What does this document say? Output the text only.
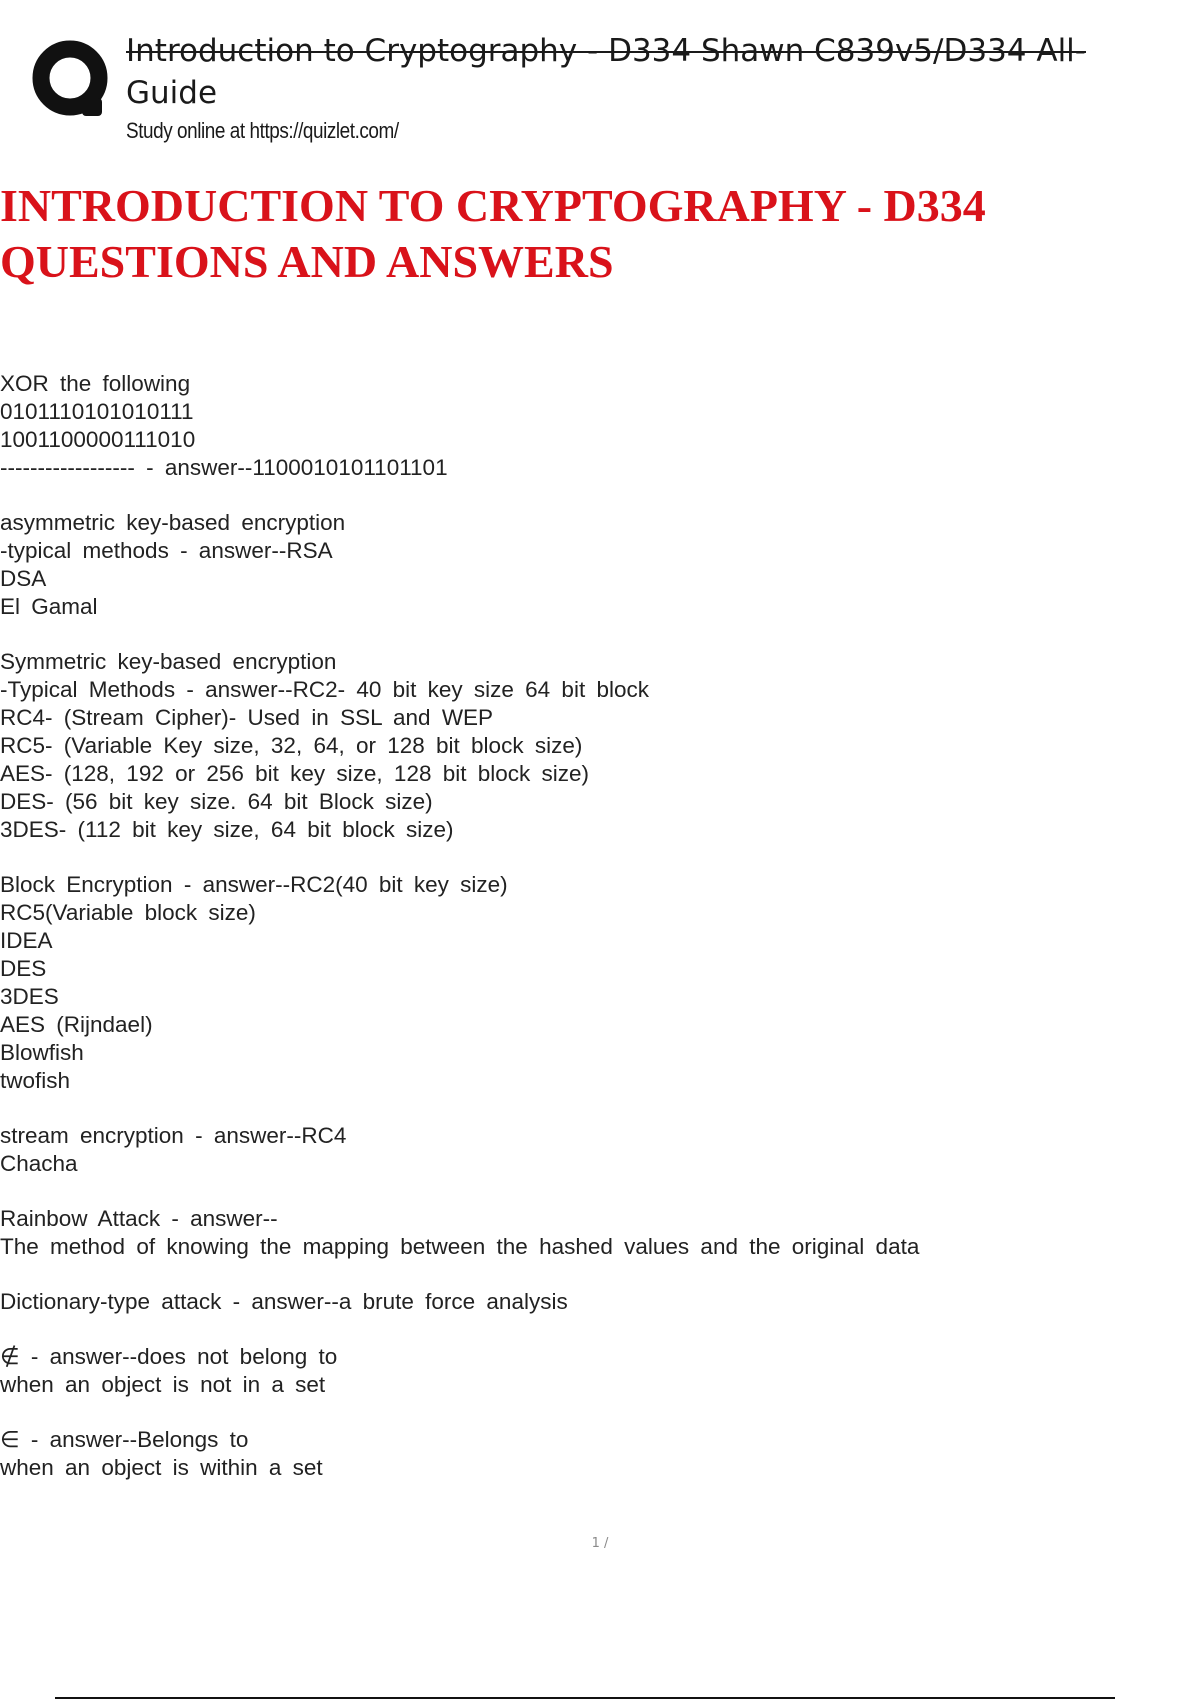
Introduction to Cryptography - D334 Shawn C839v5/D334 All-
Guide
Study online at https://quizlet.com/
INTRODUCTION TO CRYPTOGRAPHY - D334
QUESTIONS AND ANSWERS
XOR the following
0101110101010111
1001100000111010
------------------ - answer--1100010101101101
asymmetric key-based encryption
-typical methods - answer--RSA
DSA
El Gamal
Symmetric key-based encryption
-Typical Methods - answer--RC2- 40 bit key size 64 bit block
RC4- (Stream Cipher)- Used in SSL and WEP
RC5- (Variable Key size, 32, 64, or 128 bit block size)
AES- (128, 192 or 256 bit key size, 128 bit block size)
DES- (56 bit key size. 64 bit Block size)
3DES- (112 bit key size, 64 bit block size)
Block Encryption - answer--RC2(40 bit key size)
RC5(Variable block size)
IDEA
DES
3DES
AES (Rijndael)
Blowfish
twofish
stream encryption - answer--RC4
Chacha
Rainbow Attack - answer--
The method of knowing the mapping between the hashed values and the original data
Dictionary-type attack - answer--a brute force analysis
∉ - answer--does not belong to
when an object is not in a set
∈ - answer--Belongs to
when an object is within a set
1 /
